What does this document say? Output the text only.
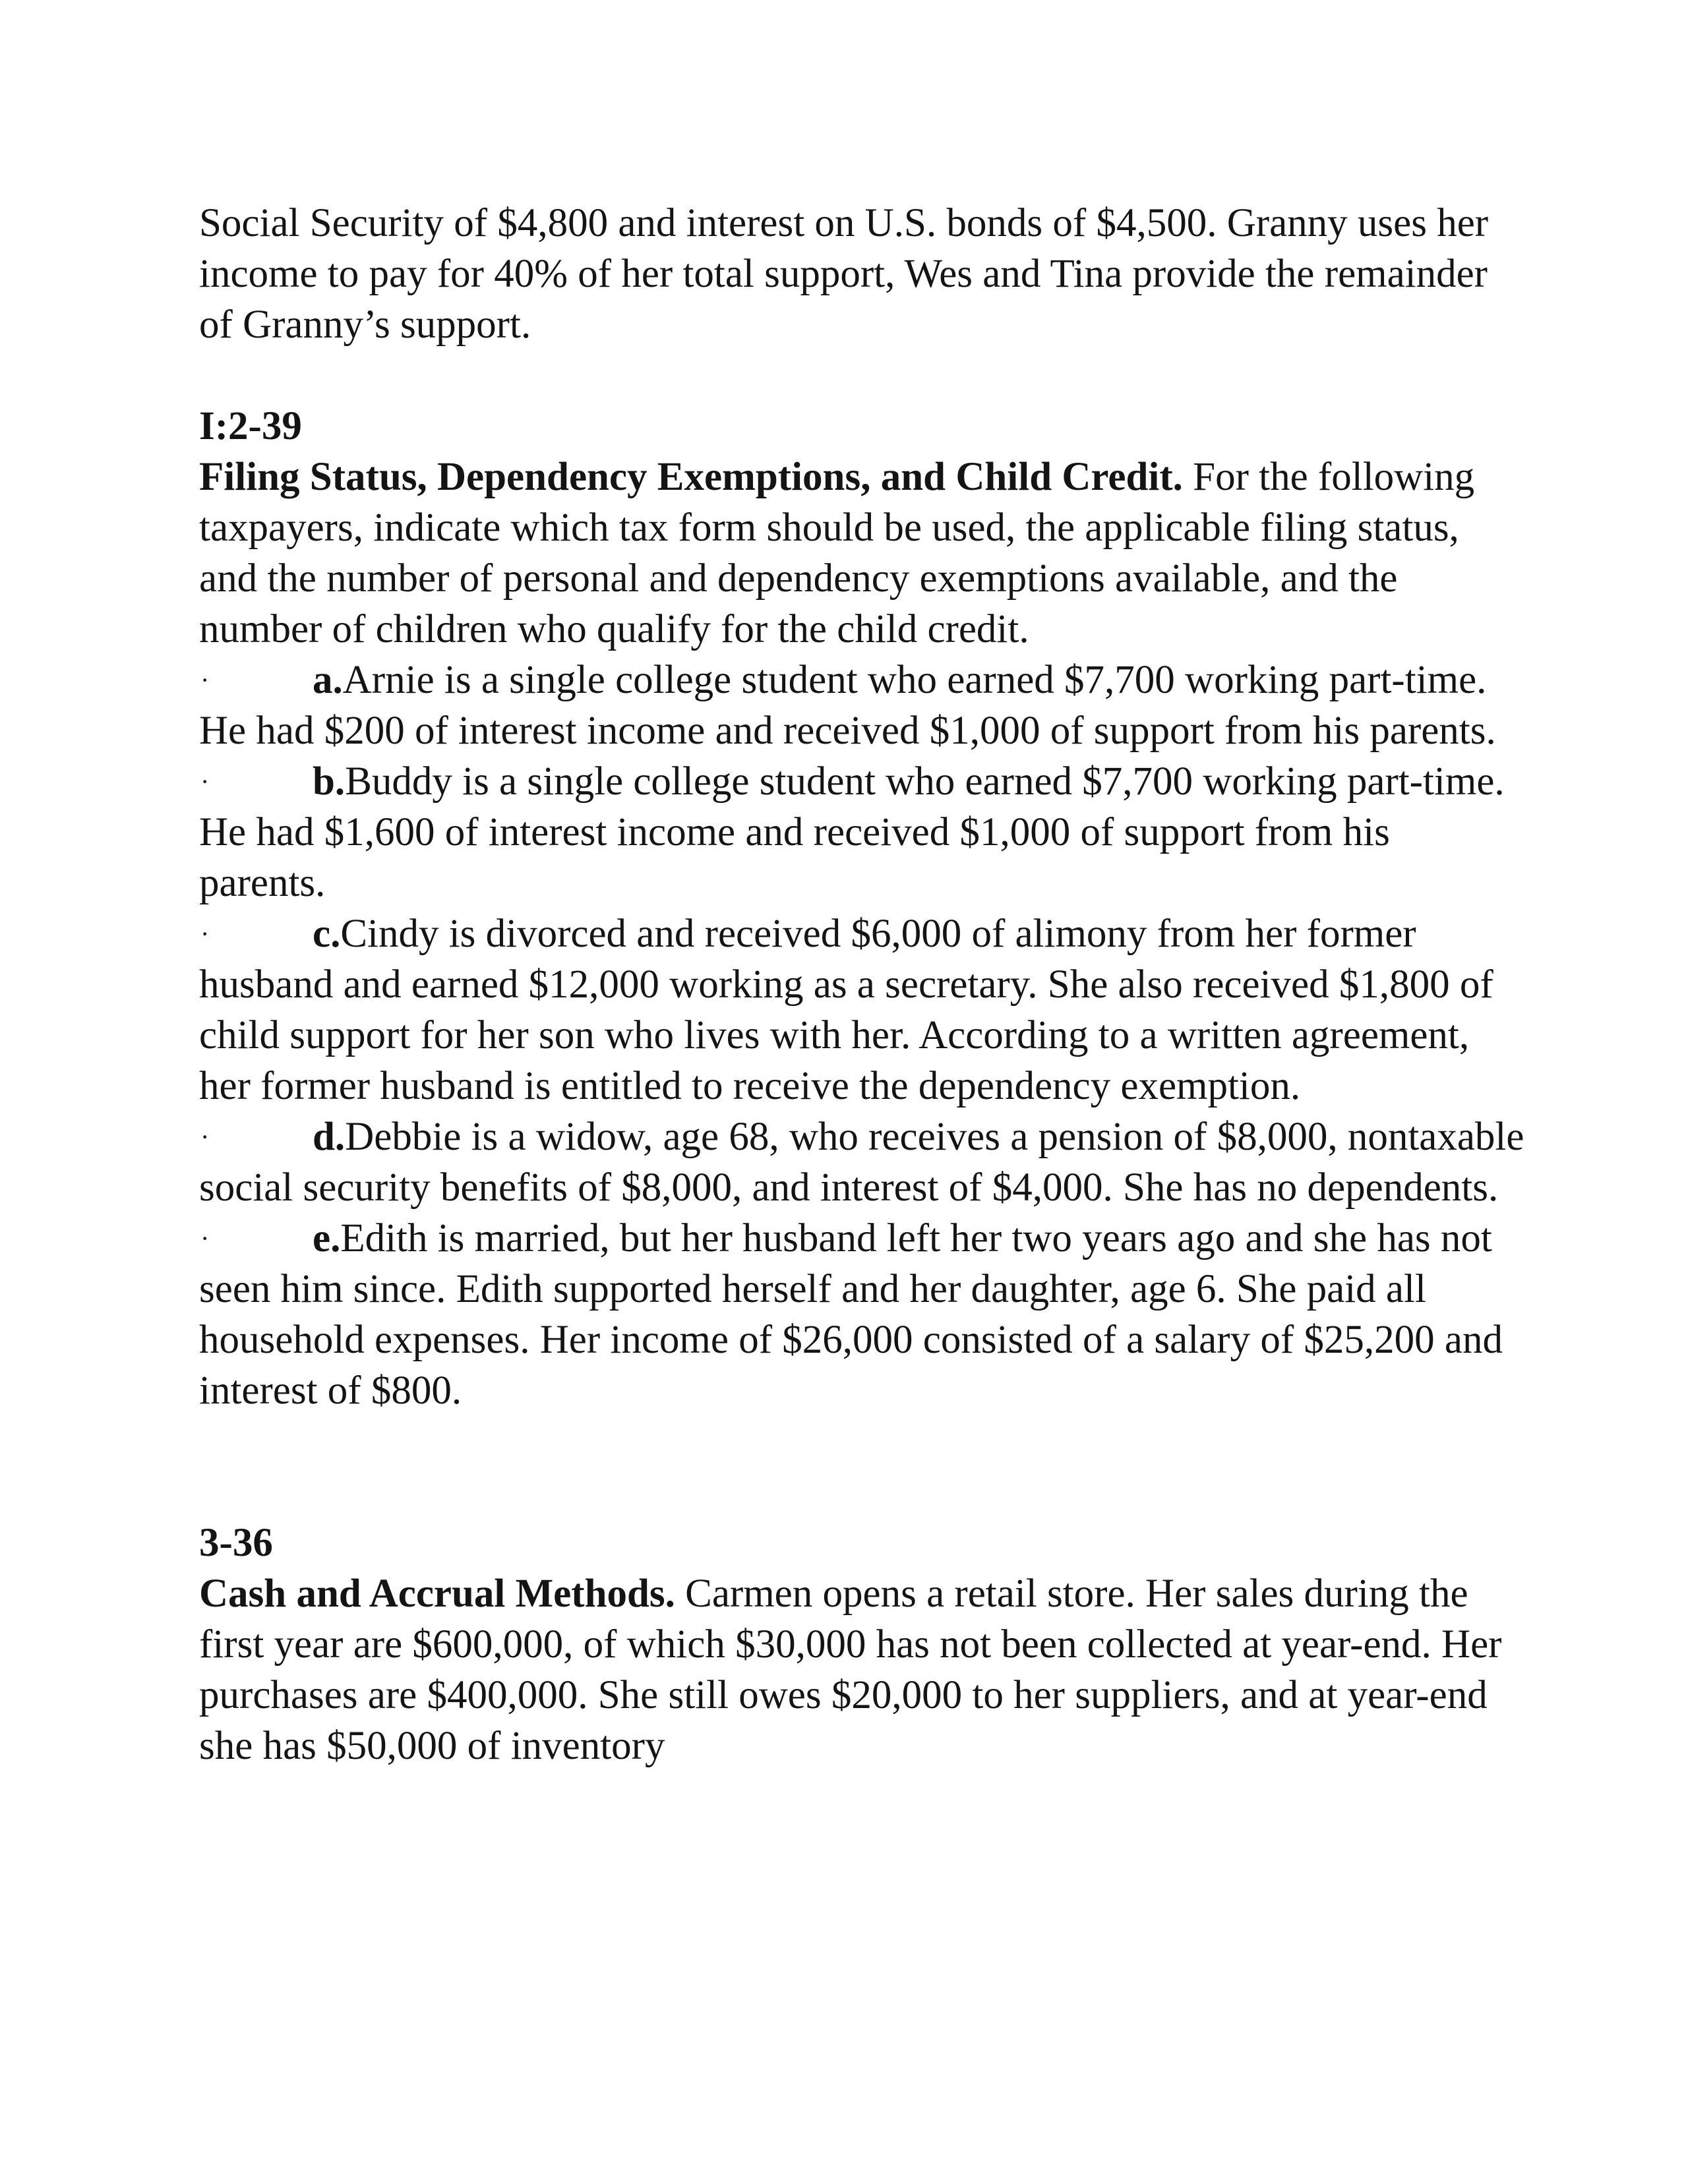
Social Security of $4,800 and interest on U.S. bonds of $4,500. Granny uses her income to pay for 40% of her total support, Wes and Tina provide the remainder of Granny’s support.

I:2-39

Filing Status, Dependency Exemptions, and Child Credit. For the following taxpayers, indicate which tax form should be used, the applicable filing status, and the number of personal and dependency exemptions available, and the number of children who qualify for the child credit.

·	a.Arnie is a single college student who earned $7,700 working part-time. He had $200 of interest income and received $1,000 of support from his parents.

·	b.Buddy is a single college student who earned $7,700 working part-time. He had $1,600 of interest income and received $1,000 of support from his parents.

·	c.Cindy is divorced and received $6,000 of alimony from her former husband and earned $12,000 working as a secretary. She also received $1,800 of child support for her son who lives with her. According to a written agreement, her former husband is entitled to receive the dependency exemption.

·	d.Debbie is a widow, age 68, who receives a pension of $8,000, nontaxable social security benefits of $8,000, and interest of $4,000. She has no dependents.

·	e.Edith is married, but her husband left her two years ago and she has not seen him since. Edith supported herself and her daughter, age 6. She paid all household expenses. Her income of $26,000 consisted of a salary of $25,200 and interest of $800.

3-36

Cash and Accrual Methods. Carmen opens a retail store. Her sales during the first year are $600,000, of which $30,000 has not been collected at year-end. Her purchases are $400,000. She still owes $20,000 to her suppliers, and at year-end she has $50,000 of inventory
